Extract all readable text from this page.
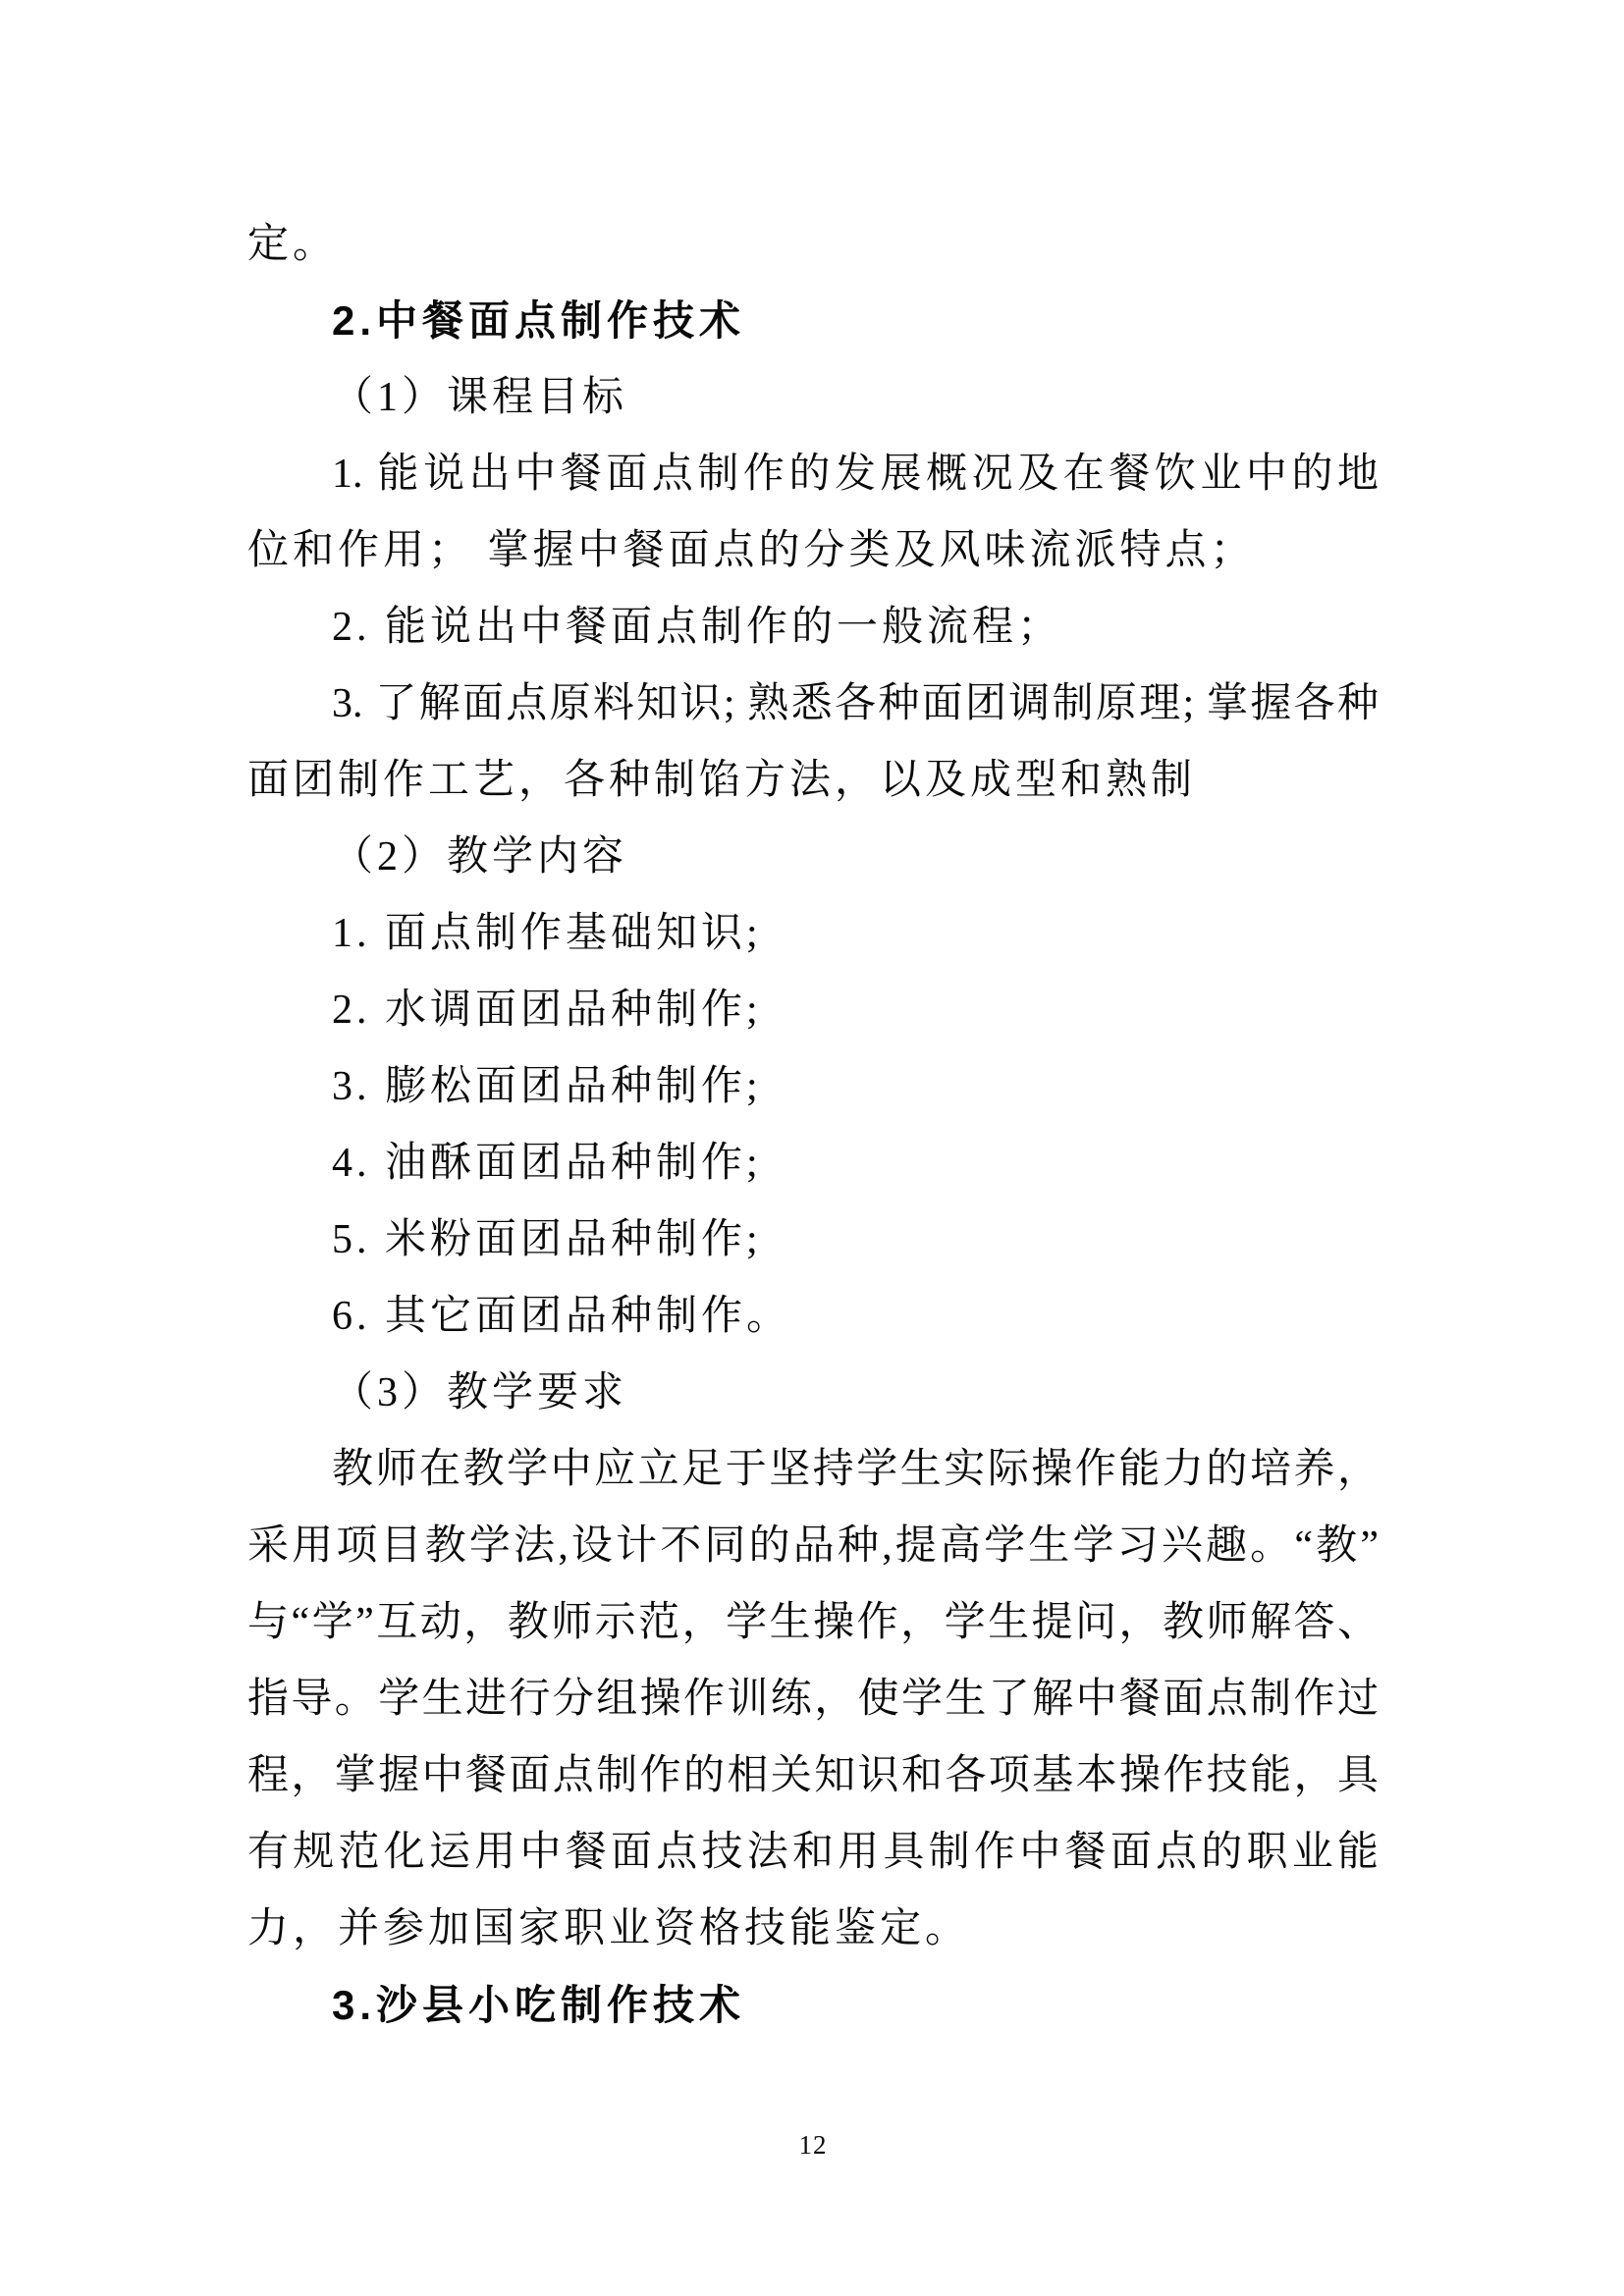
定。
2.中餐面点制作技术
（1）课程目标
1. 能说出中餐面点制作的发展概况及在餐饮业中的地
位和作用； 掌握中餐面点的分类及风味流派特点；
2. 能说出中餐面点制作的一般流程；
3. 了解面点原料知识; 熟悉各种面团调制原理; 掌握各种
面团制作工艺，各种制馅方法，以及成型和熟制
（2）教学内容
1. 面点制作基础知识;
2. 水调面团品种制作;
3. 膨松面团品种制作;
4. 油酥面团品种制作;
5. 米粉面团品种制作;
6. 其它面团品种制作。
（3）教学要求
教师在教学中应立足于坚持学生实际操作能力的培养，
采用项目教学法,设计不同的品种,提高学生学习兴趣。“教”
与“学”互动，教师示范，学生操作，学生提问，教师解答、
指导。学生进行分组操作训练，使学生了解中餐面点制作过
程，掌握中餐面点制作的相关知识和各项基本操作技能，具
有规范化运用中餐面点技法和用具制作中餐面点的职业能
力，并参加国家职业资格技能鉴定。
3.沙县小吃制作技术
12
